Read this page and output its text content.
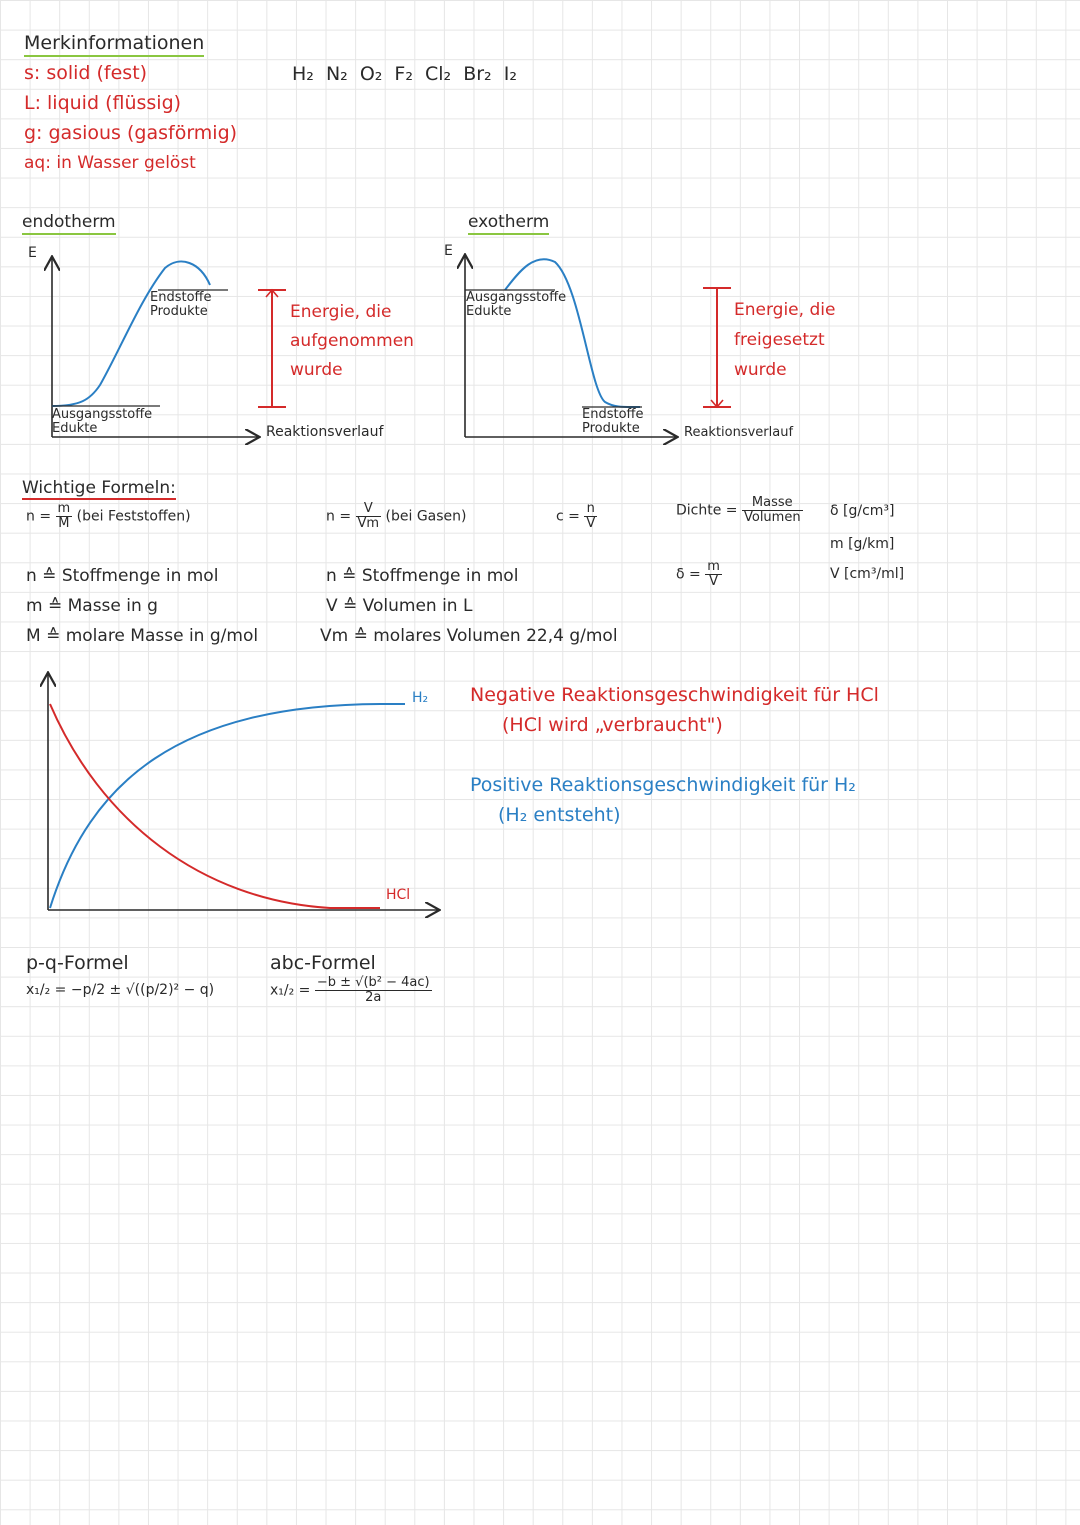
Merkinformationen
s: solid (fest)
L: liquid (flüssig)
g: gasious (gasförmig)
aq: in Wasser gelöst
H₂ N₂ O₂ F₂ Cl₂ Br₂ I₂
endotherm
E
Endstoffe
Produkte
Ausgangsstoffe
Edukte	Reaktionsverlauf
Energie, die
aufgenommen
wurde
exotherm
E
Ausgangsstoffe
Edukte
Endstoffe
Produkte	Reaktionsverlauf
Energie, die
freigesetzt
wurde
Wichtige Formeln:
$n = \frac{m}{M} (bei$ Feststoffen)	$n = \frac{V}{Vm} (bei$ Gasen)	$c = \frac{n}{V}$	Dichte = $\frac{\text{Masse}}{\text{Volumen}}$
$\delta = \frac{m}{V}$
δ [g/cm³]
m [g/km]
V [cm³/ml]
n ≙ Stoffmenge in mol
m ≙ Masse in g
M ≙ molare Masse in g/mol
n ≙ Stoffmenge in mol
V ≙ Volumen in L
Vm ≙ molares Volumen 22,4 g/mol
H₂
HCl
Negative Reaktionsgeschwindigkeit für HCl
(HCl wird „verbraucht")
Positive Reaktionsgeschwindigkeit für H₂
(H₂ entsteht)
p-q-Formel
x₁/₂ = −p/2 ± √((p/2)² − q)
abc-Formel
$x_1/_2 = \frac{\text{−b ± √(b² − 4ac)}}{2a}$
